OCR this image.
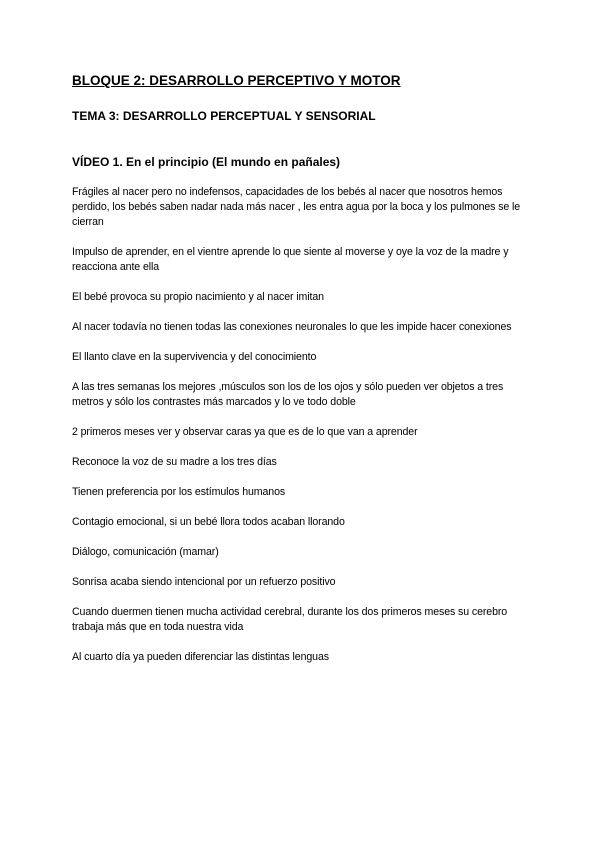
BLOQUE 2: DESARROLLO PERCEPTIVO Y MOTOR
TEMA 3: DESARROLLO PERCEPTUAL Y SENSORIAL
VÍDEO 1. En el principio (El mundo en pañales)

Frágiles al nacer pero no indefensos, capacidades de los bebés al nacer que nosotros hemos perdido, los bebés saben nadar nada más nacer , les entra agua por la boca y los pulmones se le cierran

Impulso de aprender, en el vientre aprende lo que siente al moverse y oye la voz de la madre y reacciona ante ella

El bebé provoca su propio nacimiento y al nacer imitan

Al nacer todavía no tienen todas las conexiones neuronales lo que les impide hacer conexiones

El llanto clave en la supervivencia y del conocimiento

A las tres semanas los mejores ,músculos son los de los ojos y sólo pueden ver objetos a tres metros y sólo los contrastes más marcados y lo ve todo doble

2 primeros meses ver y observar caras ya que es de lo que van a aprender

Reconoce la voz de su madre a los tres días

Tienen preferencia por los estímulos humanos

Contagio emocional, si un bebé llora todos acaban llorando

Diálogo, comunicación (mamar)

Sonrisa acaba siendo intencional por un refuerzo positivo

Cuando duermen tienen mucha actividad cerebral, durante los dos primeros meses su cerebro trabaja más que en toda nuestra vida

Al cuarto día ya pueden diferenciar las distintas lenguas
